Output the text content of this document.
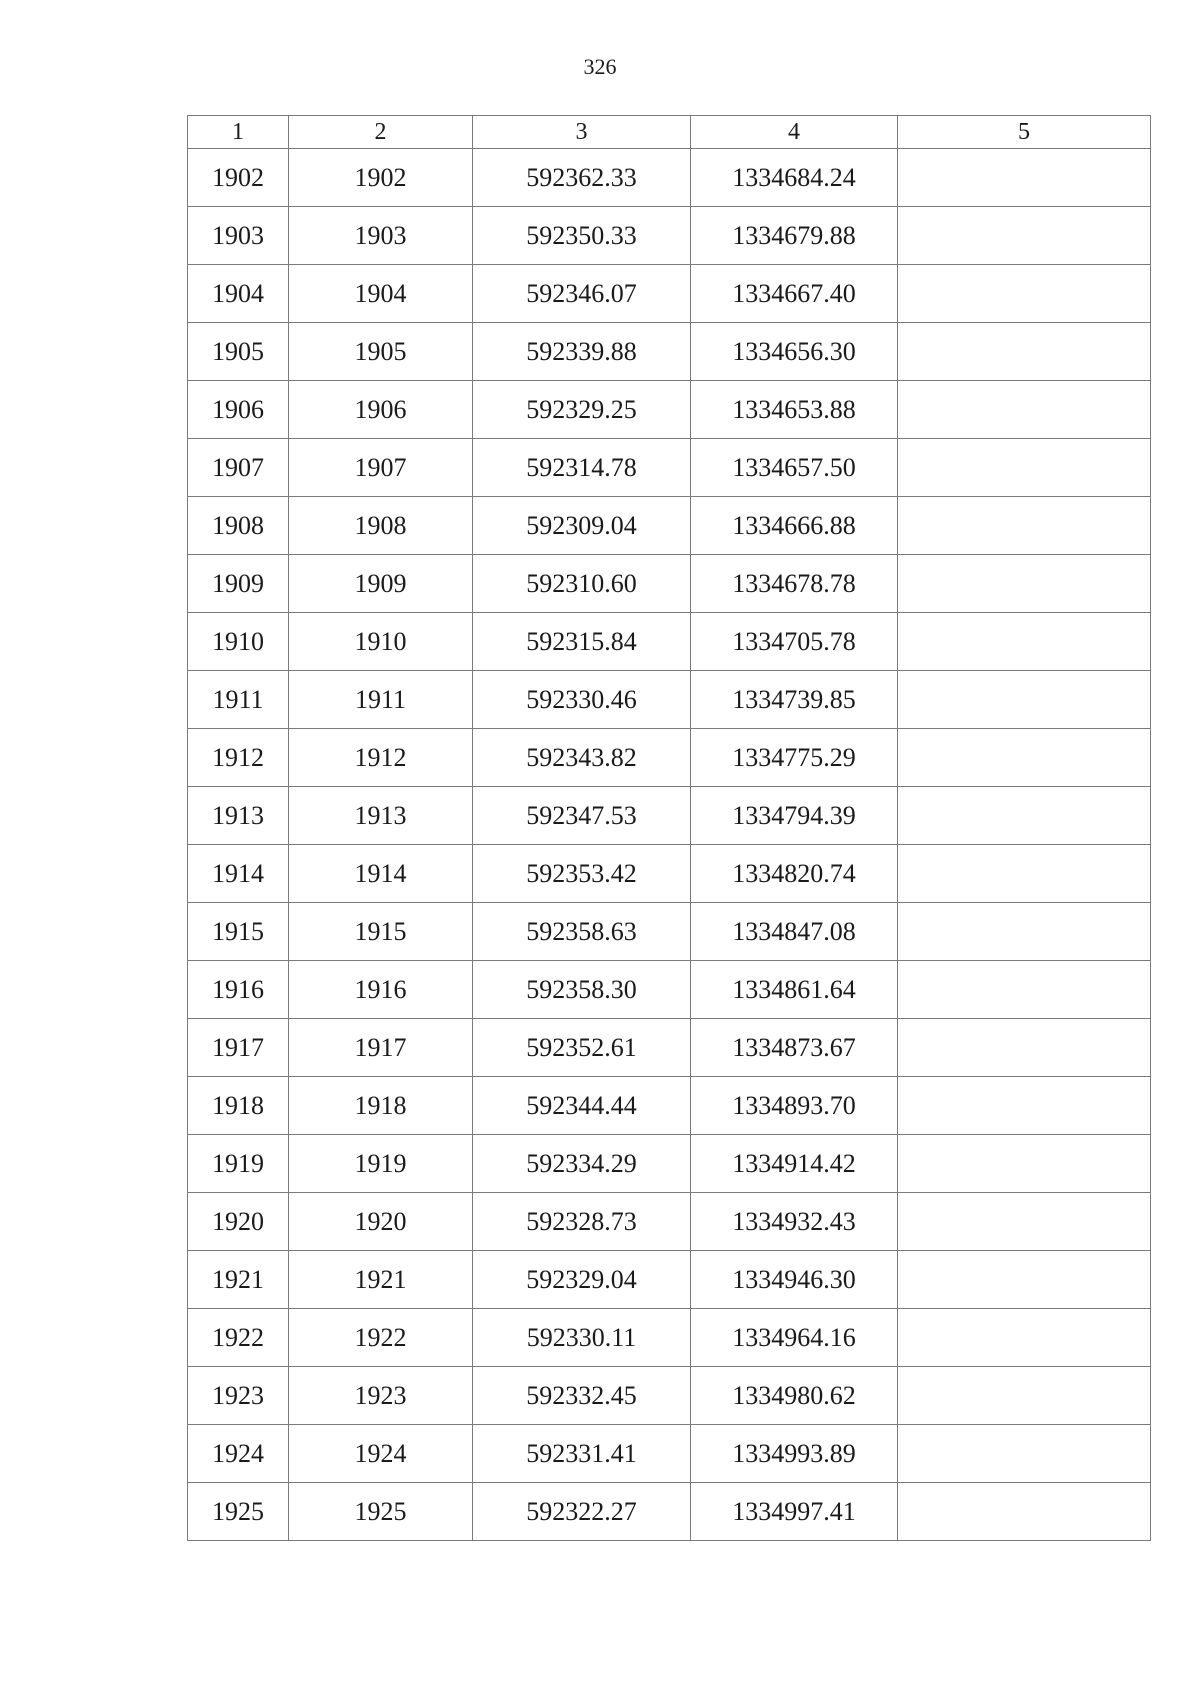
326
1	2	3	4	5
1902	1902	592362.33	1334684.24	
1903	1903	592350.33	1334679.88	
1904	1904	592346.07	1334667.40	
1905	1905	592339.88	1334656.30	
1906	1906	592329.25	1334653.88	
1907	1907	592314.78	1334657.50	
1908	1908	592309.04	1334666.88	
1909	1909	592310.60	1334678.78	
1910	1910	592315.84	1334705.78	
1911	1911	592330.46	1334739.85	
1912	1912	592343.82	1334775.29	
1913	1913	592347.53	1334794.39	
1914	1914	592353.42	1334820.74	
1915	1915	592358.63	1334847.08	
1916	1916	592358.30	1334861.64	
1917	1917	592352.61	1334873.67	
1918	1918	592344.44	1334893.70	
1919	1919	592334.29	1334914.42	
1920	1920	592328.73	1334932.43	
1921	1921	592329.04	1334946.30	
1922	1922	592330.11	1334964.16	
1923	1923	592332.45	1334980.62	
1924	1924	592331.41	1334993.89	
1925	1925	592322.27	1334997.41	
